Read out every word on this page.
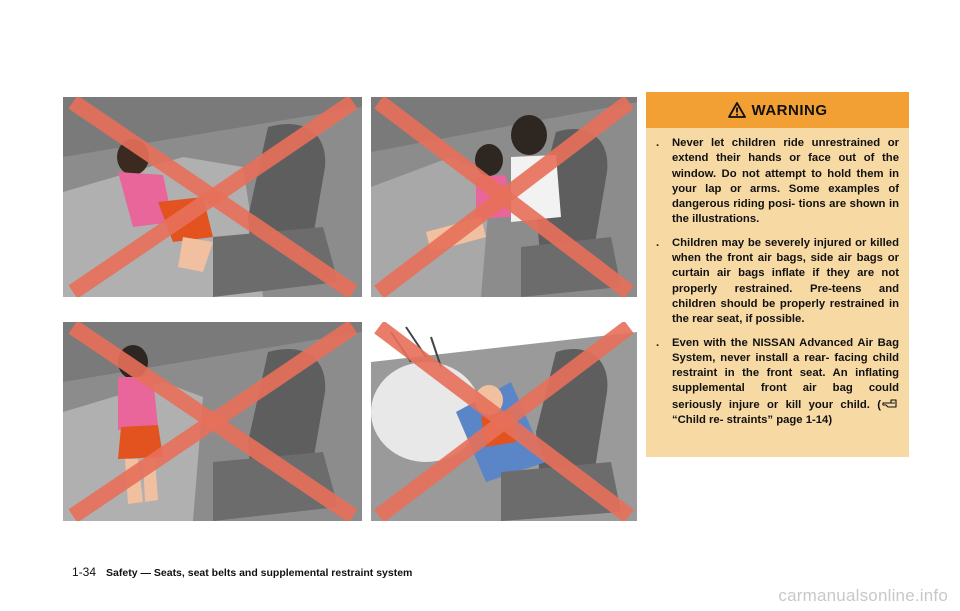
WARNING
. Never let children ride unrestrained or extend their hands or face out of the window. Do not attempt to hold them in your lap or arms. Some examples of dangerous riding posi- tions are shown in the illustrations.
. Children may be severely injured or killed when the front air bags, side air bags or curtain air bags inflate if they are not properly restrained. Pre-teens and children should be properly restrained in the rear seat, if possible.
. Even with the NISSAN Advanced Air Bag System, never install a rear- facing child restraint in the front seat. An inflating supplemental front air bag could seriously injure or kill your child. (“Child re- straints” page 1-14)
1-34 Safety — Seats, seat belts and supplemental restraint system
carmanualsonline.info
